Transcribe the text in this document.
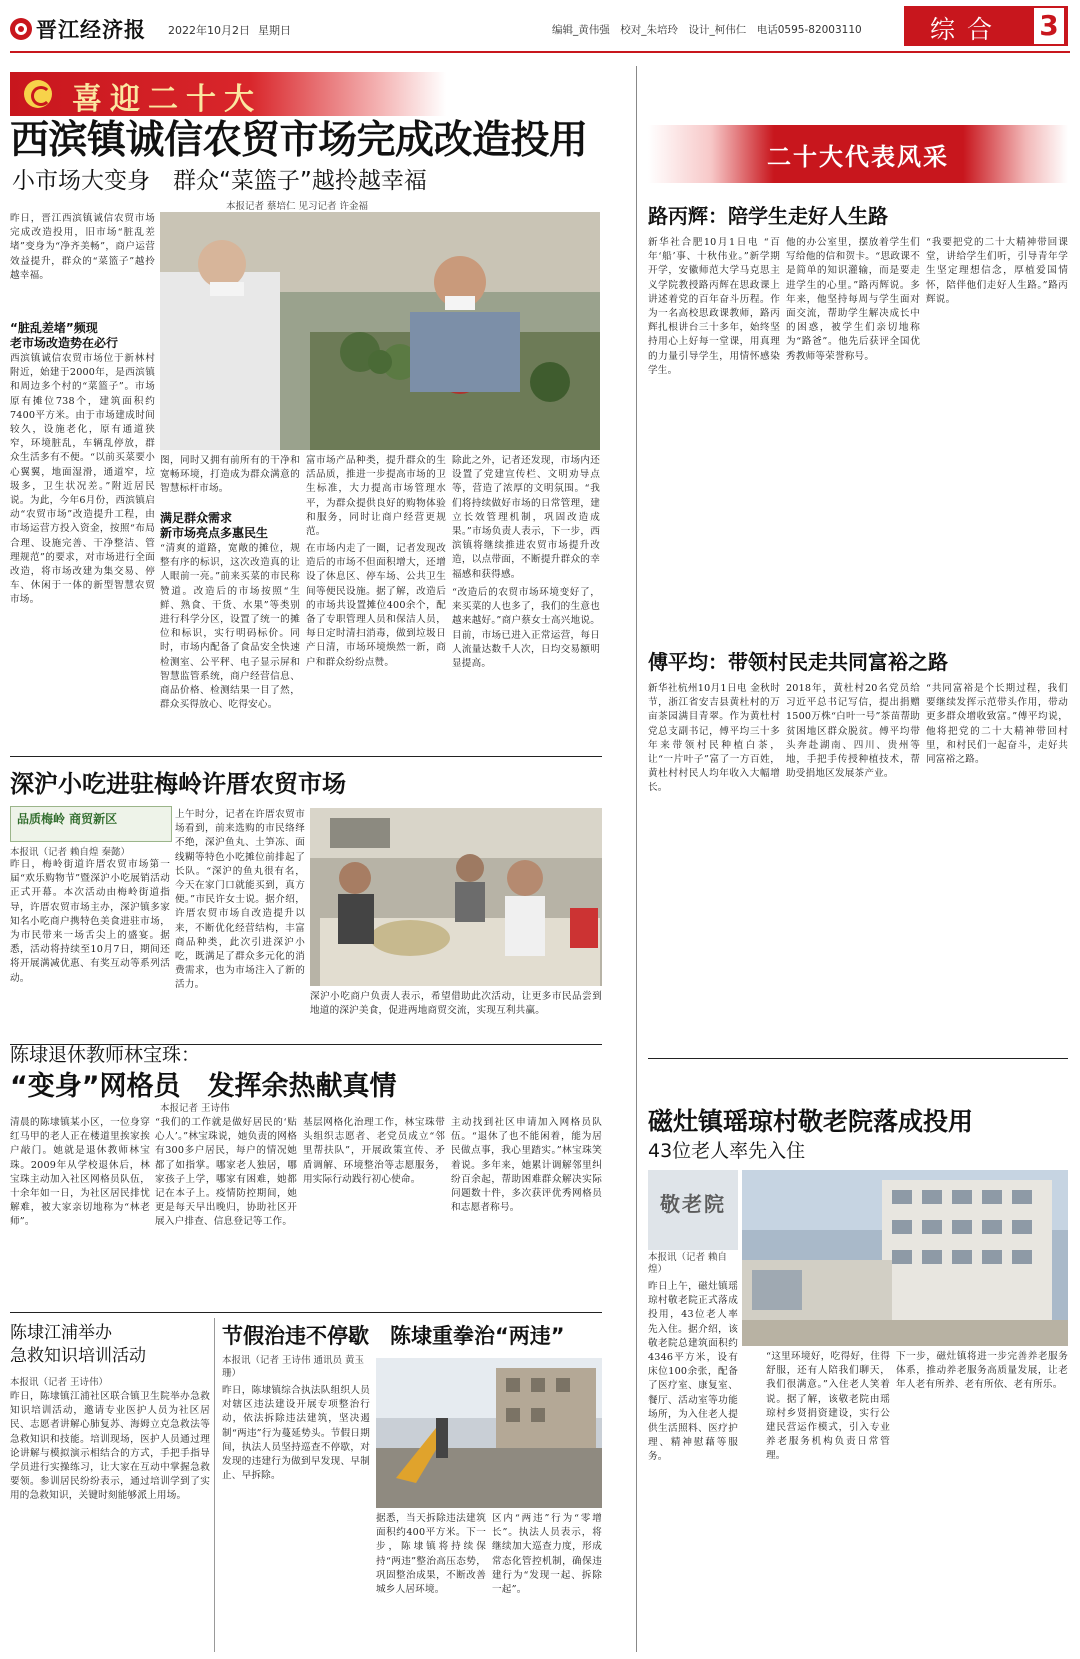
晋江经济报 2022年10月2日 星期日	编辑_黄伟强　校对_朱培玲　设计_柯伟仁　电话0595-82003110	综合 3
喜迎二十大
西滨镇诚信农贸市场完成改造投用
小市场大变身　群众“菜篮子”越拎越幸福
本报记者 蔡培仁 见习记者 许金福
昨日，晋江西滨镇诚信农贸市场完成改造投用，旧市场“脏乱差堵”变身为“净齐美畅”，商户运营效益提升，群众的“菜篮子”越拎越幸福。
“脏乱差堵”频现
老市场改造势在必行
西滨镇诚信农贸市场位于新林村附近，始建于2000年，是西滨镇和周边多个村的“菜篮子”。市场原有摊位738个，建筑面积约7400平方米。由于市场建成时间较久，设施老化，原有通道狭窄，环境脏乱，车辆乱停放，群众生活多有不便。“以前买菜要小心翼翼，地面湿滑，通道窄，垃圾多，卫生状况差。”附近居民说。为此，今年6月份，西滨镇启动“农贸市场”改造提升工程，由市场运营方投入资金，按照“布局合理、设施完善、干净整洁、管理规范”的要求，对市场进行全面改造，将市场改建为集交易、停车、休闲于一体的新型智慧农贸市场。
图，同时又拥有前所有的干净和宽畅环境，打造成为群众满意的智慧标杆市场。
满足群众需求
新市场亮点多惠民生
“清爽的道路，宽敞的摊位，规整有序的标识，这次改造真的让人眼前一亮。”前来买菜的市民称赞道。改造后的市场按照“生鲜、熟食、干货、水果”等类别进行科学分区，设置了统一的摊位和标识，实行明码标价。同时，市场内配备了食品安全快速检测室、公平秤、电子显示屏和智慧监管系统，商户经营信息、商品价格、检测结果一目了然，群众买得放心、吃得安心。
富市场产品种类，提升群众的生活品质，推进一步提高市场的卫生标准，大力提高市场管理水平，为群众提供良好的购物体验和服务，同时让商户经营更规范。
在市场内走了一圈，记者发现改造后的市场不但面积增大，还增设了休息区、停车场、公共卫生间等便民设施。据了解，改造后的市场共设置摊位400余个，配备了专职管理人员和保洁人员，每日定时清扫消毒，做到垃圾日产日清，市场环境焕然一新，商户和群众纷纷点赞。
除此之外，记者还发现，市场内还设置了党建宣传栏、文明劝导点等，营造了浓厚的文明氛围。“我们将持续做好市场的日常管理，建立长效管理机制，巩固改造成果。”市场负责人表示，下一步，西滨镇将继续推进农贸市场提升改造，以点带面，不断提升群众的幸福感和获得感。
“改造后的农贸市场环境变好了，来买菜的人也多了，我们的生意也越来越好。”商户蔡女士高兴地说。目前，市场已进入正常运营，每日人流量达数千人次，日均交易额明显提高。
深沪小吃进驻梅岭许厝农贸市场
品质梅岭 商贸新区
本报讯（记者 赖自煌 秦懿）
昨日，梅岭街道许厝农贸市场第一届“欢乐购物节”暨深沪小吃展销活动正式开幕。本次活动由梅岭街道指导，许厝农贸市场主办，深沪镇多家知名小吃商户携特色美食进驻市场，为市民带来一场舌尖上的盛宴。据悉，活动将持续至10月7日，期间还将开展满减优惠、有奖互动等系列活动。
上午时分，记者在许厝农贸市场看到，前来选购的市民络绎不绝，深沪鱼丸、土笋冻、面线糊等特色小吃摊位前排起了长队。“深沪的鱼丸很有名，今天在家门口就能买到，真方便。”市民许女士说。据介绍，许厝农贸市场自改造提升以来，不断优化经营结构，丰富商品种类，此次引进深沪小吃，既满足了群众多元化的消费需求，也为市场注入了新的活力。
深沪小吃商户负责人表示，希望借助此次活动，让更多市民品尝到地道的深沪美食，促进两地商贸交流，实现互利共赢。
陈埭退休教师林宝珠：
“变身”网格员　发挥余热献真情
本报记者 王诗伟
清晨的陈埭镇某小区，一位身穿红马甲的老人正在楼道里挨家挨户敲门。她就是退休教师林宝珠。2009年从学校退休后，林宝珠主动加入社区网格员队伍，十余年如一日，为社区居民排忧解难，被大家亲切地称为“林老师”。
“我们的工作就是做好居民的‘贴心人’。”林宝珠说，她负责的网格有300多户居民，每户的情况她都了如指掌。哪家老人独居，哪家孩子上学，哪家有困难，她都记在本子上。疫情防控期间，她更是每天早出晚归，协助社区开展入户排查、信息登记等工作。
基层网格化治理工作，林宝珠带头组织志愿者、老党员成立“邻里帮扶队”，开展政策宣传、矛盾调解、环境整治等志愿服务，用实际行动践行初心使命。
主动找到社区申请加入网格员队伍。“退休了也不能闲着，能为居民做点事，我心里踏实。”林宝珠笑着说。多年来，她累计调解邻里纠纷百余起，帮助困难群众解决实际问题数十件，多次获评优秀网格员和志愿者称号。
陈埭江浦举办
急救知识培训活动
本报讯（记者 王诗伟）
昨日，陈埭镇江浦社区联合镇卫生院举办急救知识培训活动，邀请专业医护人员为社区居民、志愿者讲解心肺复苏、海姆立克急救法等急救知识和技能。培训现场，医护人员通过理论讲解与模拟演示相结合的方式，手把手指导学员进行实操练习，让大家在互动中掌握急救要领。参训居民纷纷表示，通过培训学到了实用的急救知识，关键时刻能够派上用场。
节假治违不停歇　陈埭重拳治“两违”
本报讯（记者 王诗伟 通讯员 黄玉珊）
昨日，陈埭镇综合执法队组织人员对辖区违法建设开展专项整治行动，依法拆除违法建筑，坚决遏制“两违”行为蔓延势头。节假日期间，执法人员坚持巡查不停歇，对发现的违建行为做到早发现、早制止、早拆除。
据悉，当天拆除违法建筑面积约400平方米。下一步，陈埭镇将持续保持“两违”整治高压态势，巩固整治成果，不断改善城乡人居环境。
区内“两违”行为“零增长”。执法人员表示，将继续加大巡查力度，形成常态化管控机制，确保违建行为“发现一起、拆除一起”。
二十大代表风采
路丙辉：陪学生走好人生路
新华社合肥10月1日电 “百年‘船’事、十秋伟业。”新学期开学，安徽师范大学马克思主义学院教授路丙辉在思政课上讲述着党的百年奋斗历程。作为一名高校思政课教师，路丙辉扎根讲台三十多年，始终坚持用心上好每一堂课，用真理的力量引导学生，用情怀感染学生。
他的办公室里，摆放着学生们写给他的信和贺卡。“思政课不是简单的知识灌输，而是要走进学生的心里。”路丙辉说。多年来，他坚持每周与学生面对面交流，帮助学生解决成长中的困惑，被学生们亲切地称为“路爸”。他先后获评全国优秀教师等荣誉称号。
“我要把党的二十大精神带回课堂，讲给学生们听，引导青年学生坚定理想信念，厚植爱国情怀，陪伴他们走好人生路。”路丙辉说。
傅平均：带领村民走共同富裕之路
新华社杭州10月1日电 金秋时节，浙江省安吉县黄杜村的万亩茶园满目青翠。作为黄杜村党总支副书记，傅平均三十多年来带领村民种植白茶，让“一片叶子”富了一方百姓，黄杜村村民人均年收入大幅增长。
2018年，黄杜村20名党员给习近平总书记写信，提出捐赠1500万株“白叶一号”茶苗帮助贫困地区群众脱贫。傅平均带头奔赴湖南、四川、贵州等地，手把手传授种植技术，帮助受捐地区发展茶产业。
“共同富裕是个长期过程，我们要继续发挥示范带头作用，带动更多群众增收致富。”傅平均说，他将把党的二十大精神带回村里，和村民们一起奋斗，走好共同富裕之路。
磁灶镇瑶琼村敬老院落成投用
43位老人率先入住
敬老院
本报讯（记者 赖自煌）
昨日上午，磁灶镇瑶琼村敬老院正式落成投用，43位老人率先入住。据介绍，该敬老院总建筑面积约4346平方米，设有床位100余张，配备了医疗室、康复室、餐厅、活动室等功能场所，为入住老人提供生活照料、医疗护理、精神慰藉等服务。
“这里环境好，吃得好，住得舒服，还有人陪我们聊天，我们很满意。”入住老人笑着说。据了解，该敬老院由瑶琼村乡贤捐资建设，实行公建民营运作模式，引入专业养老服务机构负责日常管理。
下一步，磁灶镇将进一步完善养老服务体系，推动养老服务高质量发展，让老年人老有所养、老有所依、老有所乐。
